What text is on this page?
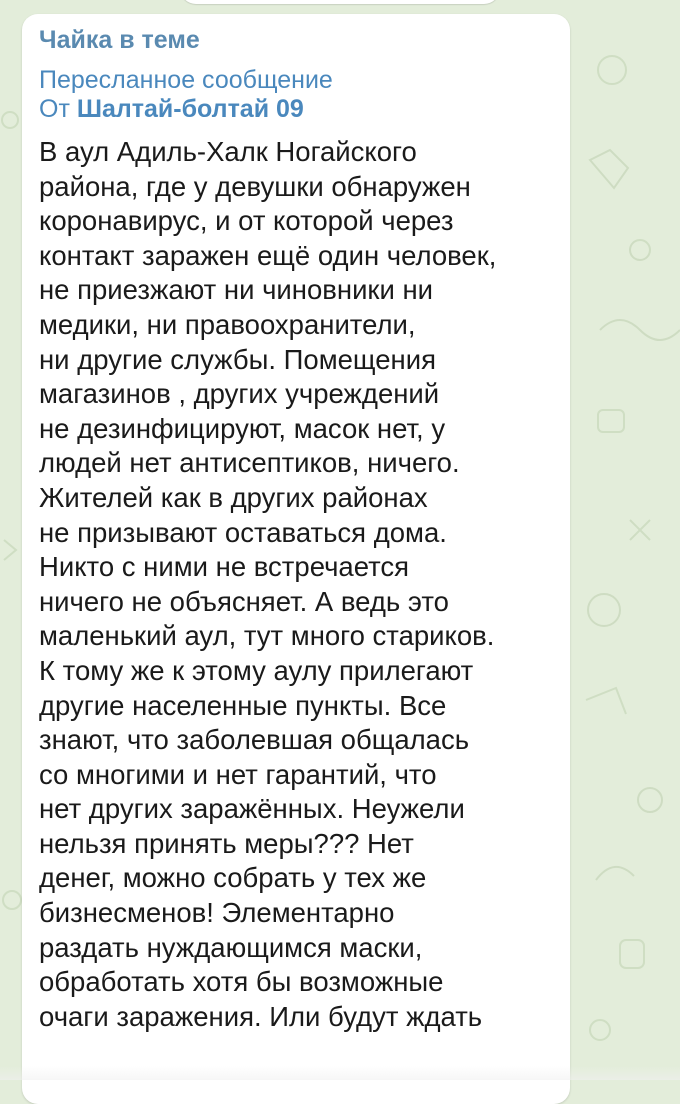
Чайка в теме
Пересланное сообщение
От Шалтай-болтай 09

В аул Адиль-Халк Ногайского
района, где у девушки обнаружен
коронавирус, и от которой через
контакт заражен ещё один человек,
не приезжают ни чиновники ни
медики, ни правоохранители,
ни другие службы. Помещения
магазинов , других учреждений
не дезинфицируют, масок нет, у
людей нет антисептиков, ничего.
Жителей как в других районах
не призывают оставаться дома.
Никто с ними не встречается
ничего не объясняет. А ведь это
маленький аул, тут много стариков.
К тому же к этому аулу прилегают
другие населенные пункты. Все
знают, что заболевшая общалась
со многими и нет гарантий, что
нет других заражённых. Неужели
нельзя принять меры??? Нет
денег, можно собрать у тех же
бизнесменов! Элементарно
раздать нуждающимся маски,
обработать хотя бы возможные
очаги заражения. Или будут ждать
